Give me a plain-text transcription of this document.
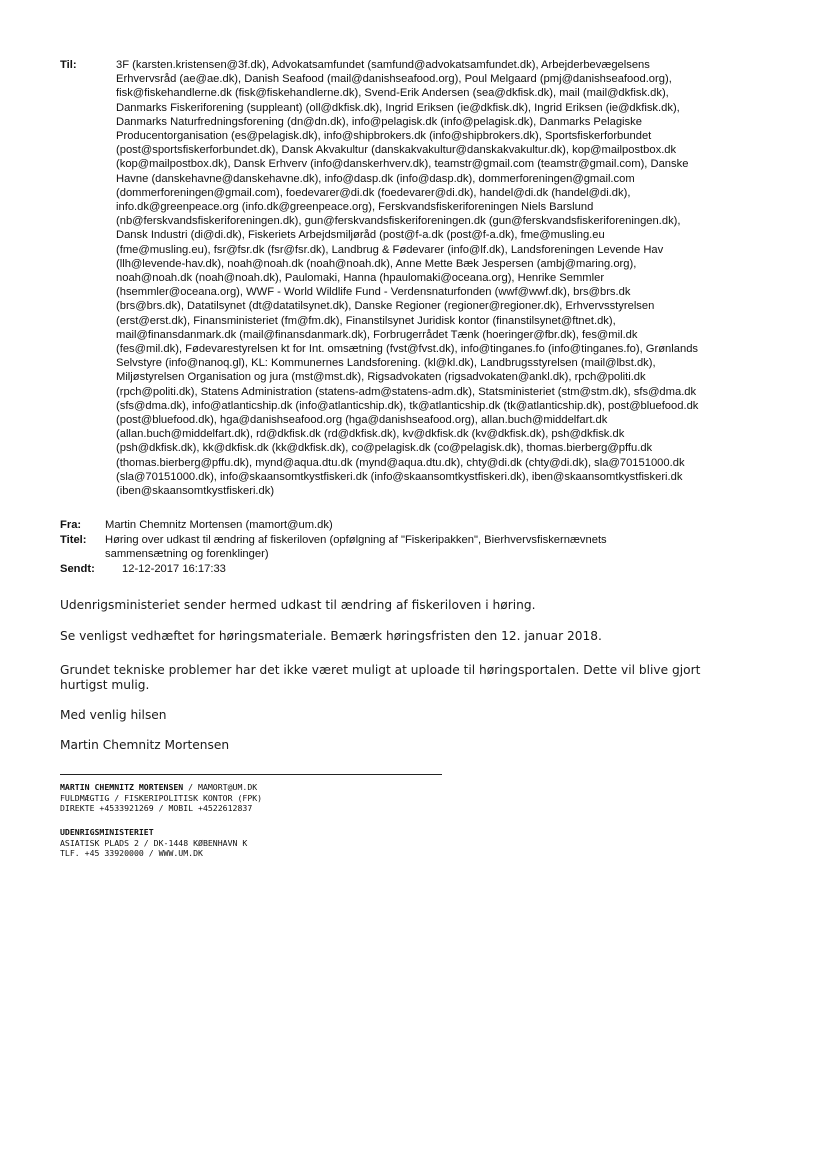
Til:	3F (karsten.kristensen@3f.dk), Advokatsamfundet (samfund@advokatsamfundet.dk), Arbejderbevægelsens
Erhvervsråd (ae@ae.dk), Danish Seafood (mail@danishseafood.org), Poul Melgaard (pmj@danishseafood.org),
fisk@fiskehandlerne.dk (fisk@fiskehandlerne.dk), Svend-Erik Andersen (sea@dkfisk.dk), mail (mail@dkfisk.dk),
Danmarks Fiskeriforening (suppleant) (oll@dkfisk.dk), Ingrid Eriksen (ie@dkfisk.dk), Ingrid Eriksen (ie@dkfisk.dk),
Danmarks Naturfredningsforening (dn@dn.dk), info@pelagisk.dk (info@pelagisk.dk), Danmarks Pelagiske
Producentorganisation (es@pelagisk.dk), info@shipbrokers.dk (info@shipbrokers.dk), Sportsfiskerforbundet
(post@sportsfiskerforbundet.dk), Dansk Akvakultur (danskakvakultur@danskakvakultur.dk), kop@mailpostbox.dk
(kop@mailpostbox.dk), Dansk Erhverv (info@danskerhverv.dk), teamstr@gmail.com (teamstr@gmail.com), Danske
Havne (danskehavne@danskehavne.dk), info@dasp.dk (info@dasp.dk), dommerforeningen@gmail.com
(dommerforeningen@gmail.com), foedevarer@di.dk (foedevarer@di.dk), handel@di.dk (handel@di.dk),
info.dk@greenpeace.org (info.dk@greenpeace.org), Ferskvandsfiskeriforeningen Niels Barslund
(nb@ferskvandsfiskeriforeningen.dk), gun@ferskvandsfiskeriforeningen.dk (gun@ferskvandsfiskeriforeningen.dk),
Dansk Industri (di@di.dk), Fiskeriets Arbejdsmiljøråd (post@f-a.dk (post@f-a.dk), fme@musling.eu
(fme@musling.eu), fsr@fsr.dk (fsr@fsr.dk), Landbrug & Fødevarer (info@lf.dk), Landsforeningen Levende Hav
(llh@levende-hav.dk), noah@noah.dk (noah@noah.dk), Anne Mette Bæk Jespersen (ambj@maring.org),
noah@noah.dk (noah@noah.dk), Paulomaki, Hanna (hpaulomaki@oceana.org), Henrike Semmler
(hsemmler@oceana.org), WWF - World Wildlife Fund - Verdensnaturfonden (wwf@wwf.dk), brs@brs.dk
(brs@brs.dk), Datatilsynet (dt@datatilsynet.dk), Danske Regioner (regioner@regioner.dk), Erhvervsstyrelsen
(erst@erst.dk), Finansministeriet (fm@fm.dk), Finanstilsynet Juridisk kontor (finanstilsynet@ftnet.dk),
mail@finansdanmark.dk (mail@finansdanmark.dk), Forbrugerrådet Tænk (hoeringer@fbr.dk), fes@mil.dk
(fes@mil.dk), Fødevarestyrelsen kt for Int. omsætning (fvst@fvst.dk), info@tinganes.fo (info@tinganes.fo), Grønlands
Selvstyre (info@nanoq.gl), KL: Kommunernes Landsforening. (kl@kl.dk), Landbrugsstyrelsen (mail@lbst.dk),
Miljøstyrelsen Organisation og jura (mst@mst.dk), Rigsadvokaten (rigsadvokaten@ankl.dk), rpch@politi.dk
(rpch@politi.dk), Statens Administration (statens-adm@statens-adm.dk), Statsministeriet (stm@stm.dk), sfs@dma.dk
(sfs@dma.dk), info@atlanticship.dk (info@atlanticship.dk), tk@atlanticship.dk (tk@atlanticship.dk), post@bluefood.dk
(post@bluefood.dk), hga@danishseafood.org (hga@danishseafood.org), allan.buch@middelfart.dk
(allan.buch@middelfart.dk), rd@dkfisk.dk (rd@dkfisk.dk), kv@dkfisk.dk (kv@dkfisk.dk), psh@dkfisk.dk
(psh@dkfisk.dk), kk@dkfisk.dk (kk@dkfisk.dk), co@pelagisk.dk (co@pelagisk.dk), thomas.bierberg@pffu.dk
(thomas.bierberg@pffu.dk), mynd@aqua.dtu.dk (mynd@aqua.dtu.dk), chty@di.dk (chty@di.dk), sla@70151000.dk
(sla@70151000.dk), info@skaansomtkystfiskeri.dk (info@skaansomtkystfiskeri.dk), iben@skaansomtkystfiskeri.dk
(iben@skaansomtkystfiskeri.dk)
Fra: Martin Chemnitz Mortensen (mamort@um.dk)
Titel: Høring over udkast til ændring af fiskeriloven (opfølgning af "Fiskeripakken", Bierhvervsfiskernævnets
sammensætning og forenklinger)
Sendt: 12-12-2017 16:17:33
Udenrigsministeriet sender hermed udkast til ændring af fiskeriloven i høring.
Se venligst vedhæftet for høringsmateriale. Bemærk høringsfristen den 12. januar 2018.
Grundet tekniske problemer har det ikke været muligt at uploade til høringsportalen. Dette vil blive gjort
hurtigst mulig.
Med venlig hilsen
Martin Chemnitz Mortensen
MARTIN CHEMNITZ MORTENSEN / MAMORT@UM.DK
FULDMÆGTIG / FISKERIPOLITISK KONTOR (FPK)
DIREKTE +4533921269 / MOBIL +4522612837
UDENRIGSMINISTERIET
ASIATISK PLADS 2 / DK-1448 KØBENHAVN K
TLF. +45 33920000 / WWW.UM.DK
